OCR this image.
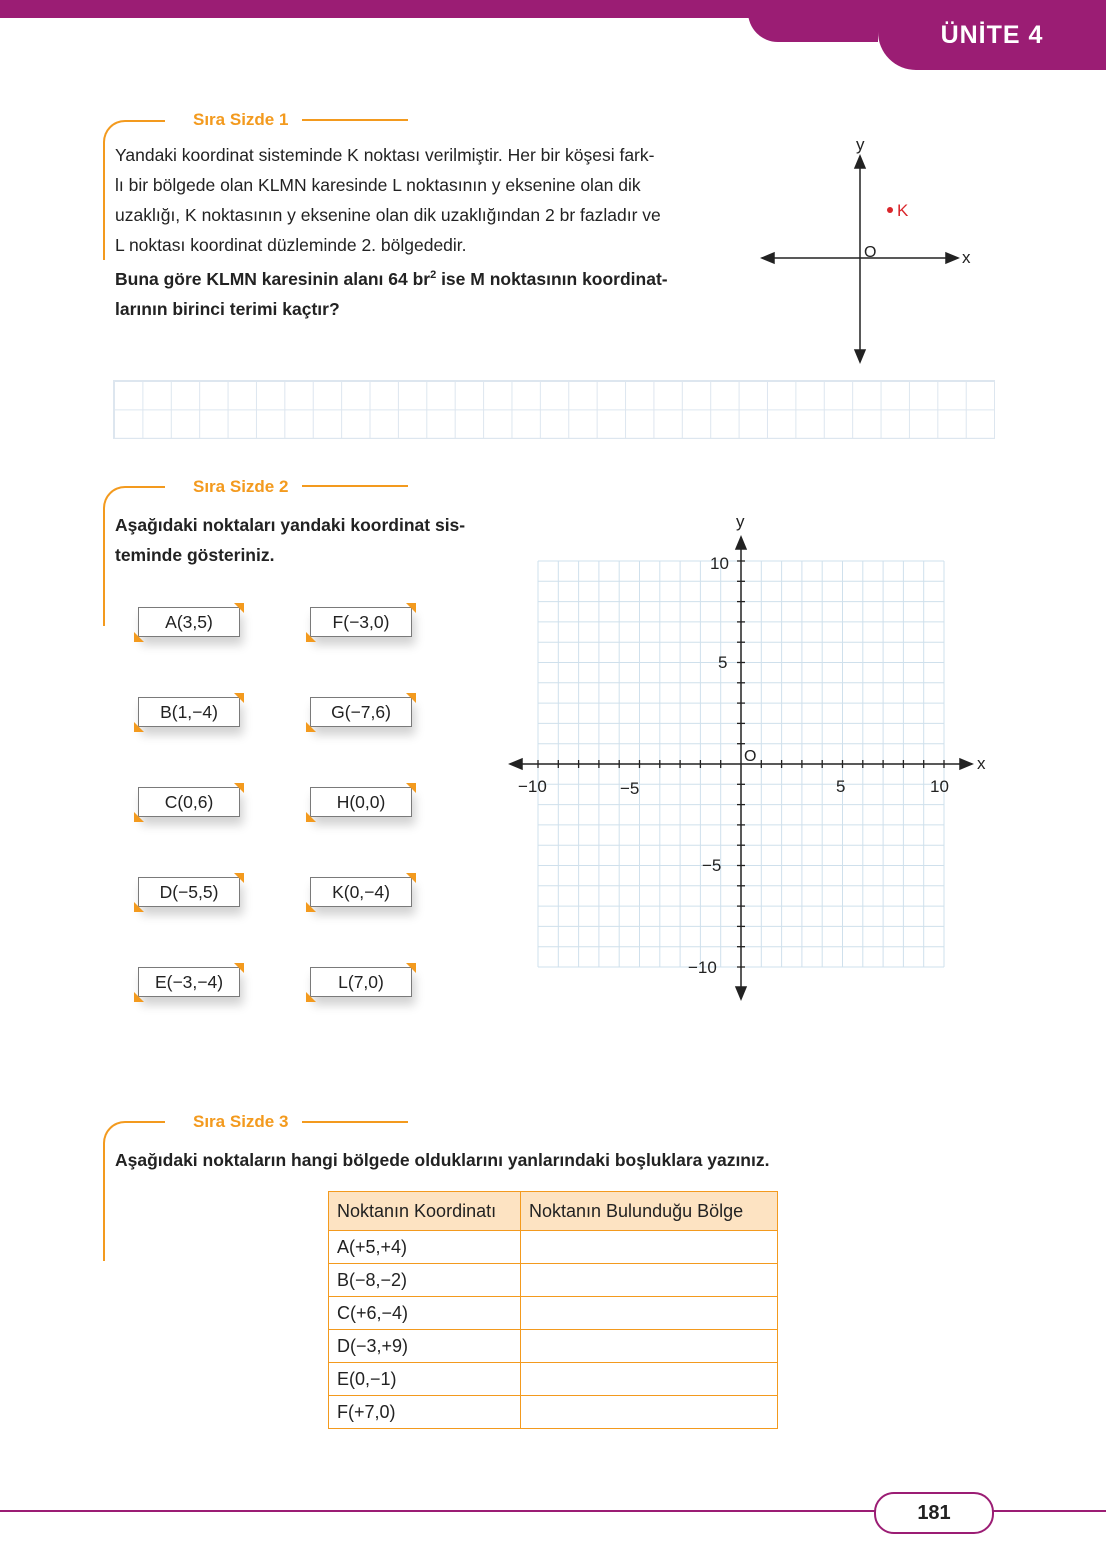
ÜNİTE 4
Sıra Sizde 1
Yandaki koordinat sisteminde K noktası verilmiştir. Her bir köşesi fark-
lı bir bölgede olan KLMN karesinde L noktasının y eksenine olan dik
uzaklığı, K noktasının y eksenine olan dik uzaklığından 2 br fazladır ve
L noktası koordinat düzleminde 2. bölgededir.
Buna göre KLMN karesinin alanı 64 $br^2$ ise M noktasının koordinat-
larının birinci terimi kaçtır?
y
x
O
K
Sıra Sizde 2
Aşağıdaki noktaları yandaki koordinat sis-
teminde gösteriniz.
A(3,5)
B(1,−4)
C(0,6)
D(−5,5)
E(−3,−4)
F(−3,0)
G(−7,6)
H(0,0)
K(0,−4)
L(7,0)
y
x
O
−10	−5	5	10
10
5
−5
−10
Sıra Sizde 3
Aşağıdaki noktaların hangi bölgede olduklarını yanlarındaki boşluklara yazınız.
Noktanın Koordinatı	Noktanın Bulunduğu Bölge
A(+5,+4)	
B(−8,−2)	
C(+6,−4)	
D(−3,+9)	
E(0,−1)	
F(+7,0)	
181
